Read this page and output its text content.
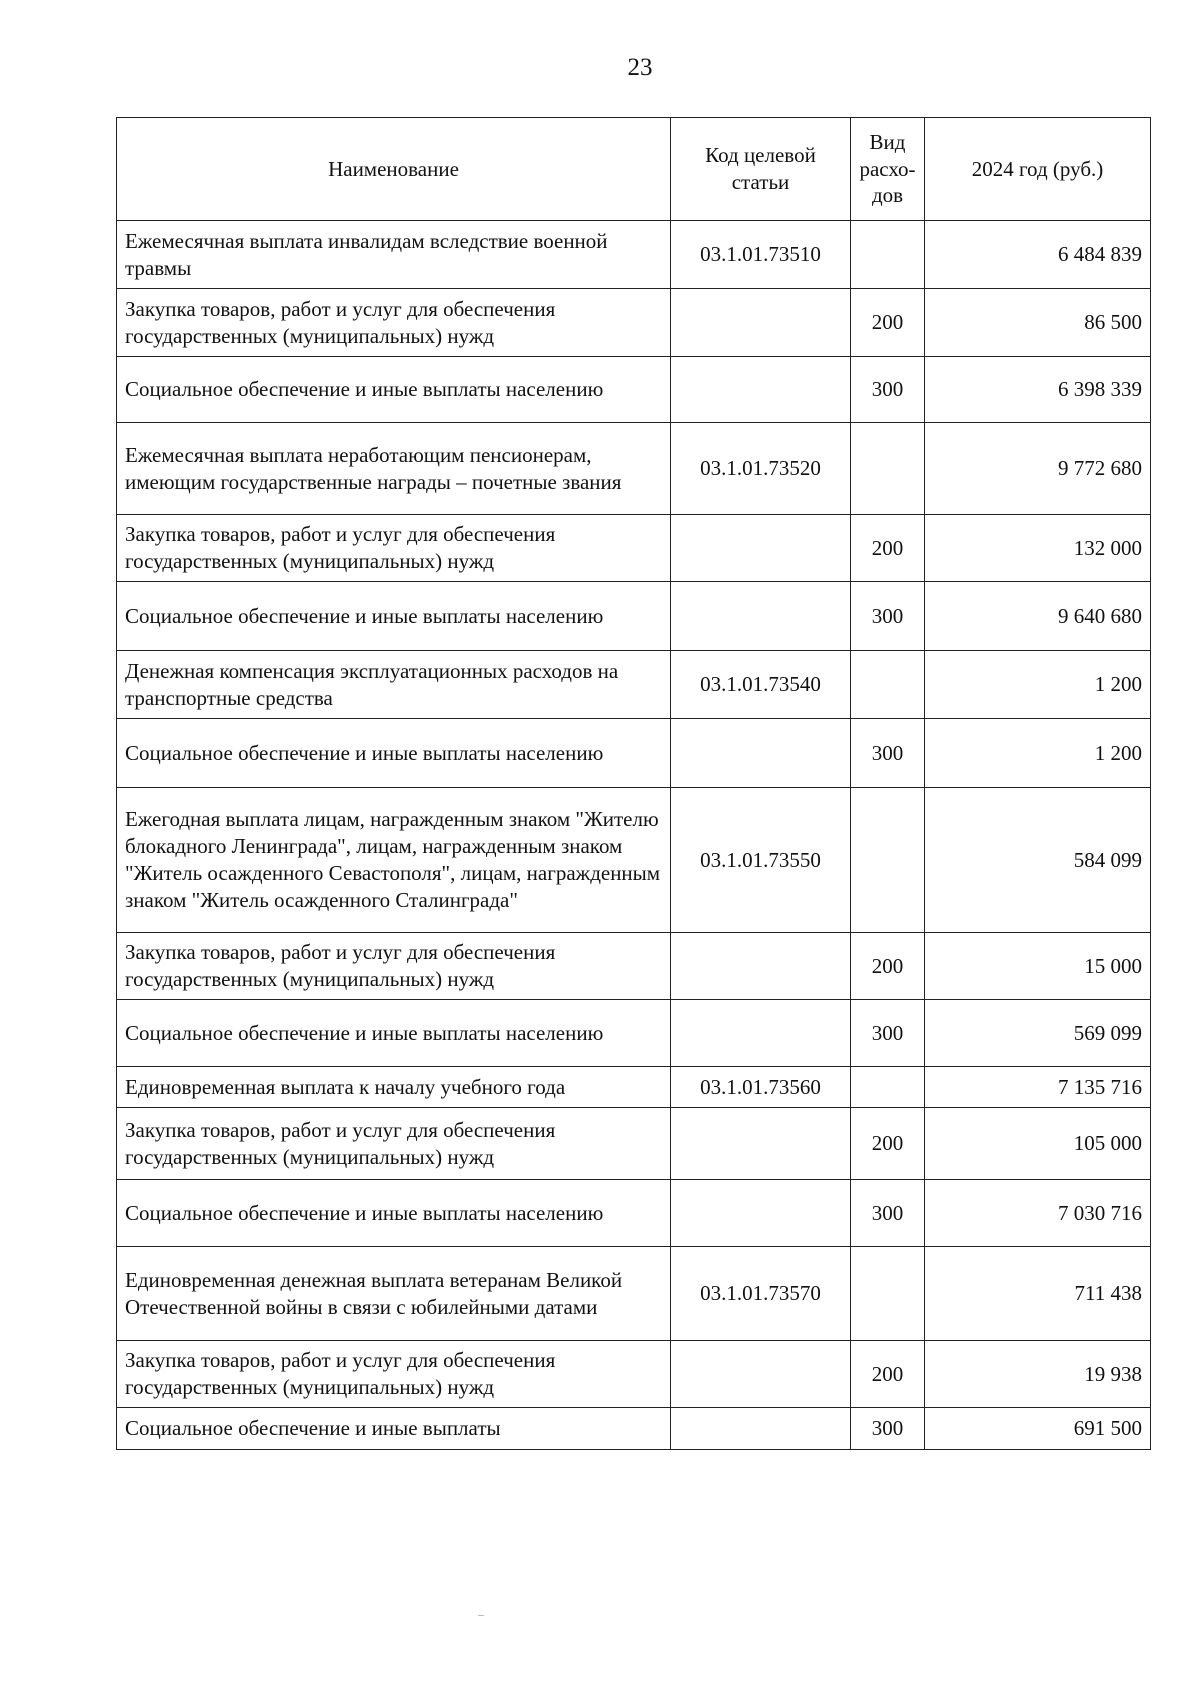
23
Наименование	Код целевой статьи	Вид расхо-дов	2024 год (руб.)
Ежемесячная выплата инвалидам вследствие военной травмы	03.1.01.73510		6 484 839
Закупка товаров, работ и услуг для обеспечения государственных (муниципальных) нужд		200	86 500
Социальное обеспечение и иные выплаты населению		300	6 398 339
Ежемесячная выплата неработающим пенсионерам, имеющим государственные награды – почетные звания	03.1.01.73520		9 772 680
Закупка товаров, работ и услуг для обеспечения государственных (муниципальных) нужд		200	132 000
Социальное обеспечение и иные выплаты населению		300	9 640 680
Денежная компенсация эксплуатационных расходов на транспортные средства	03.1.01.73540		1 200
Социальное обеспечение и иные выплаты населению		300	1 200
Ежегодная выплата лицам, награжденным знаком "Жителю блокадного Ленинграда", лицам, награжденным знаком "Житель осажденного Севастополя", лицам, награжденным знаком "Житель осажденного Сталинграда"	03.1.01.73550		584 099
Закупка товаров, работ и услуг для обеспечения государственных (муниципальных) нужд		200	15 000
Социальное обеспечение и иные выплаты населению		300	569 099
Единовременная выплата к началу учебного года	03.1.01.73560		7 135 716
Закупка товаров, работ и услуг для обеспечения государственных (муниципальных) нужд		200	105 000
Социальное обеспечение и иные выплаты населению		300	7 030 716
Единовременная денежная выплата ветеранам Великой Отечественной войны в связи с юбилейными датами	03.1.01.73570		711 438
Закупка товаров, работ и услуг для обеспечения государственных (муниципальных) нужд		200	19 938
Социальное обеспечение и иные выплаты		300	691 500
